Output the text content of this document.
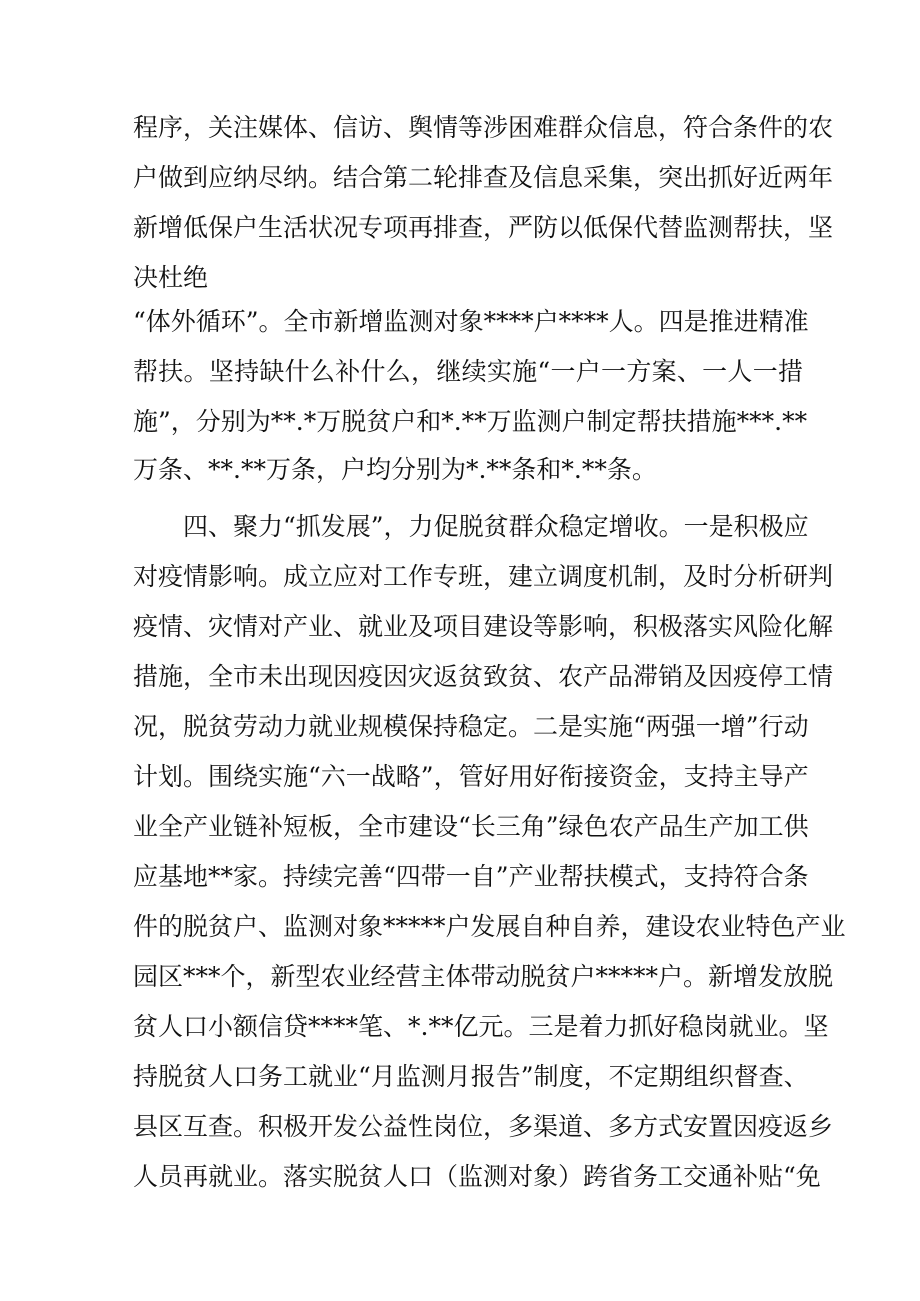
程序，关注媒体、信访、舆情等涉困难群众信息，符合条件的农

户做到应纳尽纳。结合第二轮排查及信息采集，突出抓好近两年

新增低保户生活状况专项再排查，严防以低保代替监测帮扶，坚

决杜绝

“体外循环”。全市新增监测对象****户****人。四是推进精准

帮扶。坚持缺什么补什么，继续实施“一户一方案、一人一措

施”，分别为**.*万脱贫户和*.**万监测户制定帮扶措施***.**

万条、**.**万条，户均分别为*.**条和*.**条。

　　四、聚力“抓发展”，力促脱贫群众稳定增收。一是积极应

对疫情影响。成立应对工作专班，建立调度机制，及时分析研判

疫情、灾情对产业、就业及项目建设等影响，积极落实风险化解

措施，全市未出现因疫因灾返贫致贫、农产品滞销及因疫停工情

况，脱贫劳动力就业规模保持稳定。二是实施“两强一增”行动

计划。围绕实施“六一战略”，管好用好衔接资金，支持主导产

业全产业链补短板，全市建设“长三角”绿色农产品生产加工供

应基地**家。持续完善“四带一自”产业帮扶模式，支持符合条

件的脱贫户、监测对象*****户发展自种自养，建设农业特色产业

园区***个，新型农业经营主体带动脱贫户*****户。新增发放脱

贫人口小额信贷****笔、*.**亿元。三是着力抓好稳岗就业。坚

持脱贫人口务工就业“月监测月报告”制度，不定期组织督查、

县区互查。积极开发公益性岗位，多渠道、多方式安置因疫返乡

人员再就业。落实脱贫人口（监测对象）跨省务工交通补贴“免
